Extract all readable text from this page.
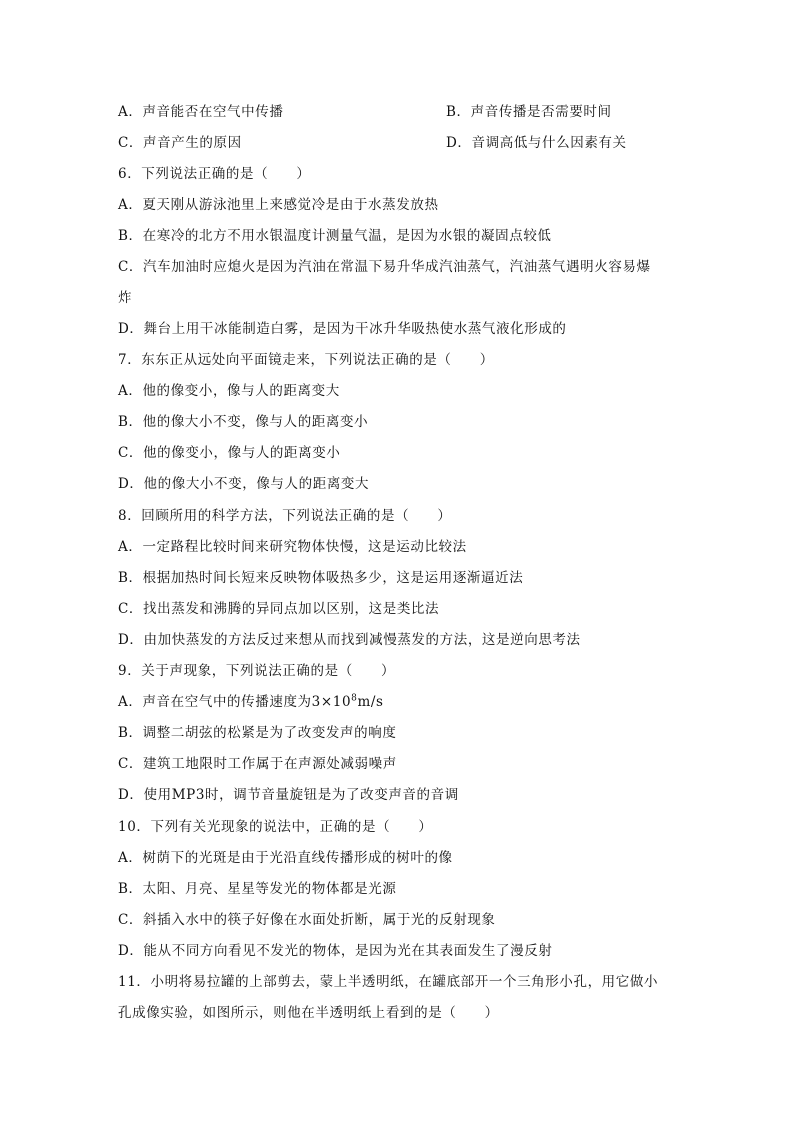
A．声音能否在空气中传播	B．声音传播是否需要时间
C．声音产生的原因	D．音调高低与什么因素有关
6．下列说法正确的是（　　）
A．夏天刚从游泳池里上来感觉冷是由于水蒸发放热
B．在寒冷的北方不用水银温度计测量气温，是因为水银的凝固点较低
C．汽车加油时应熄火是因为汽油在常温下易升华成汽油蒸气，汽油蒸气遇明火容易爆
炸
D．舞台上用干冰能制造白雾，是因为干冰升华吸热使水蒸气液化形成的
7．东东正从远处向平面镜走来，下列说法正确的是（　　）
A．他的像变小，像与人的距离变大
B．他的像大小不变，像与人的距离变小
C．他的像变小，像与人的距离变小
D．他的像大小不变，像与人的距离变大
8．回顾所用的科学方法，下列说法正确的是（　　）
A．一定路程比较时间来研究物体快慢，这是运动比较法
B．根据加热时间长短来反映物体吸热多少，这是运用逐渐逼近法
C．找出蒸发和沸腾的异同点加以区别，这是类比法
D．由加快蒸发的方法反过来想从而找到减慢蒸发的方法，这是逆向思考法
9．关于声现象，下列说法正确的是（　　）
A．声音在空气中的传播速度为$3\times 10^8m/s$
B．调整二胡弦的松紧是为了改变发声的响度
C．建筑工地限时工作属于在声源处减弱噪声
D．使用MP3时，调节音量旋钮是为了改变声音的音调
10．下列有关光现象的说法中，正确的是（　　）
A．树荫下的光斑是由于光沿直线传播形成的树叶的像
B．太阳、月亮、星星等发光的物体都是光源
C．斜插入水中的筷子好像在水面处折断，属于光的反射现象
D．能从不同方向看见不发光的物体，是因为光在其表面发生了漫反射
11．小明将易拉罐的上部剪去，蒙上半透明纸，在罐底部开一个三角形小孔，用它做小
孔成像实验，如图所示，则他在半透明纸上看到的是（　　）
